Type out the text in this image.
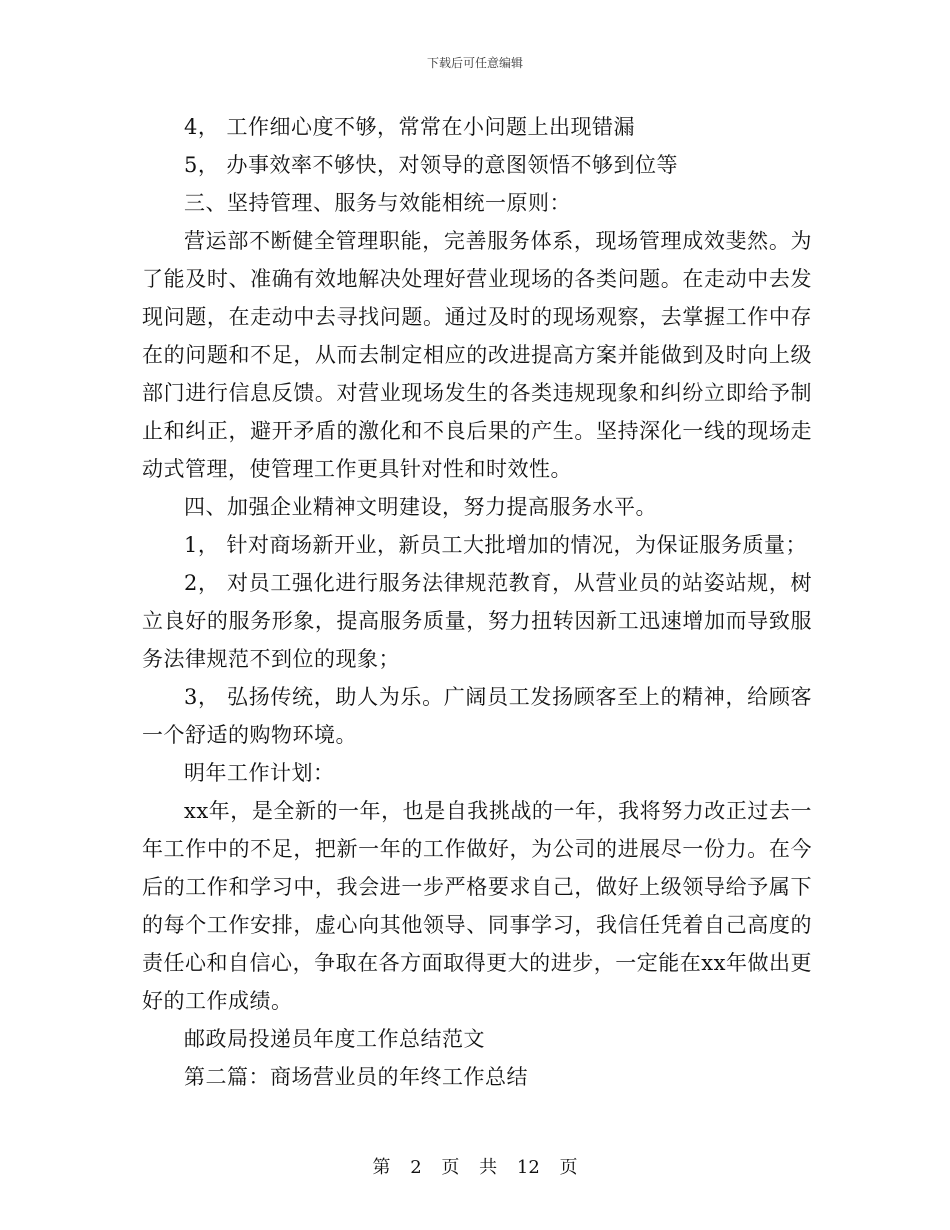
下载后可任意编辑

4， 工作细心度不够，常常在小问题上出现错漏

5， 办事效率不够快，对领导的意图领悟不够到位等

三、坚持管理、服务与效能相统一原则：

营运部不断健全管理职能，完善服务体系，现场管理成效斐然。为了能及时、准确有效地解决处理好营业现场的各类问题。在走动中去发现问题，在走动中去寻找问题。通过及时的现场观察，去掌握工作中存在的问题和不足，从而去制定相应的改进提高方案并能做到及时向上级部门进行信息反馈。对营业现场发生的各类违规现象和纠纷立即给予制止和纠正，避开矛盾的激化和不良后果的产生。坚持深化一线的现场走动式管理，使管理工作更具针对性和时效性。

四、加强企业精神文明建设，努力提高服务水平。

1， 针对商场新开业，新员工大批增加的情况，为保证服务质量；

2， 对员工强化进行服务法律规范教育，从营业员的站姿站规，树立良好的服务形象，提高服务质量，努力扭转因新工迅速增加而导致服务法律规范不到位的现象；

3， 弘扬传统，助人为乐。广阔员工发扬顾客至上的精神，给顾客一个舒适的购物环境。

明年工作计划：

xx年，是全新的一年，也是自我挑战的一年，我将努力改正过去一年工作中的不足，把新一年的工作做好，为公司的进展尽一份力。在今后的工作和学习中，我会进一步严格要求自己，做好上级领导给予属下的每个工作安排，虚心向其他领导、同事学习，我信任凭着自己高度的责任心和自信心，争取在各方面取得更大的进步，一定能在xx年做出更好的工作成绩。

邮政局投递员年度工作总结范文

第二篇：商场营业员的年终工作总结

第 2 页 共 12 页
